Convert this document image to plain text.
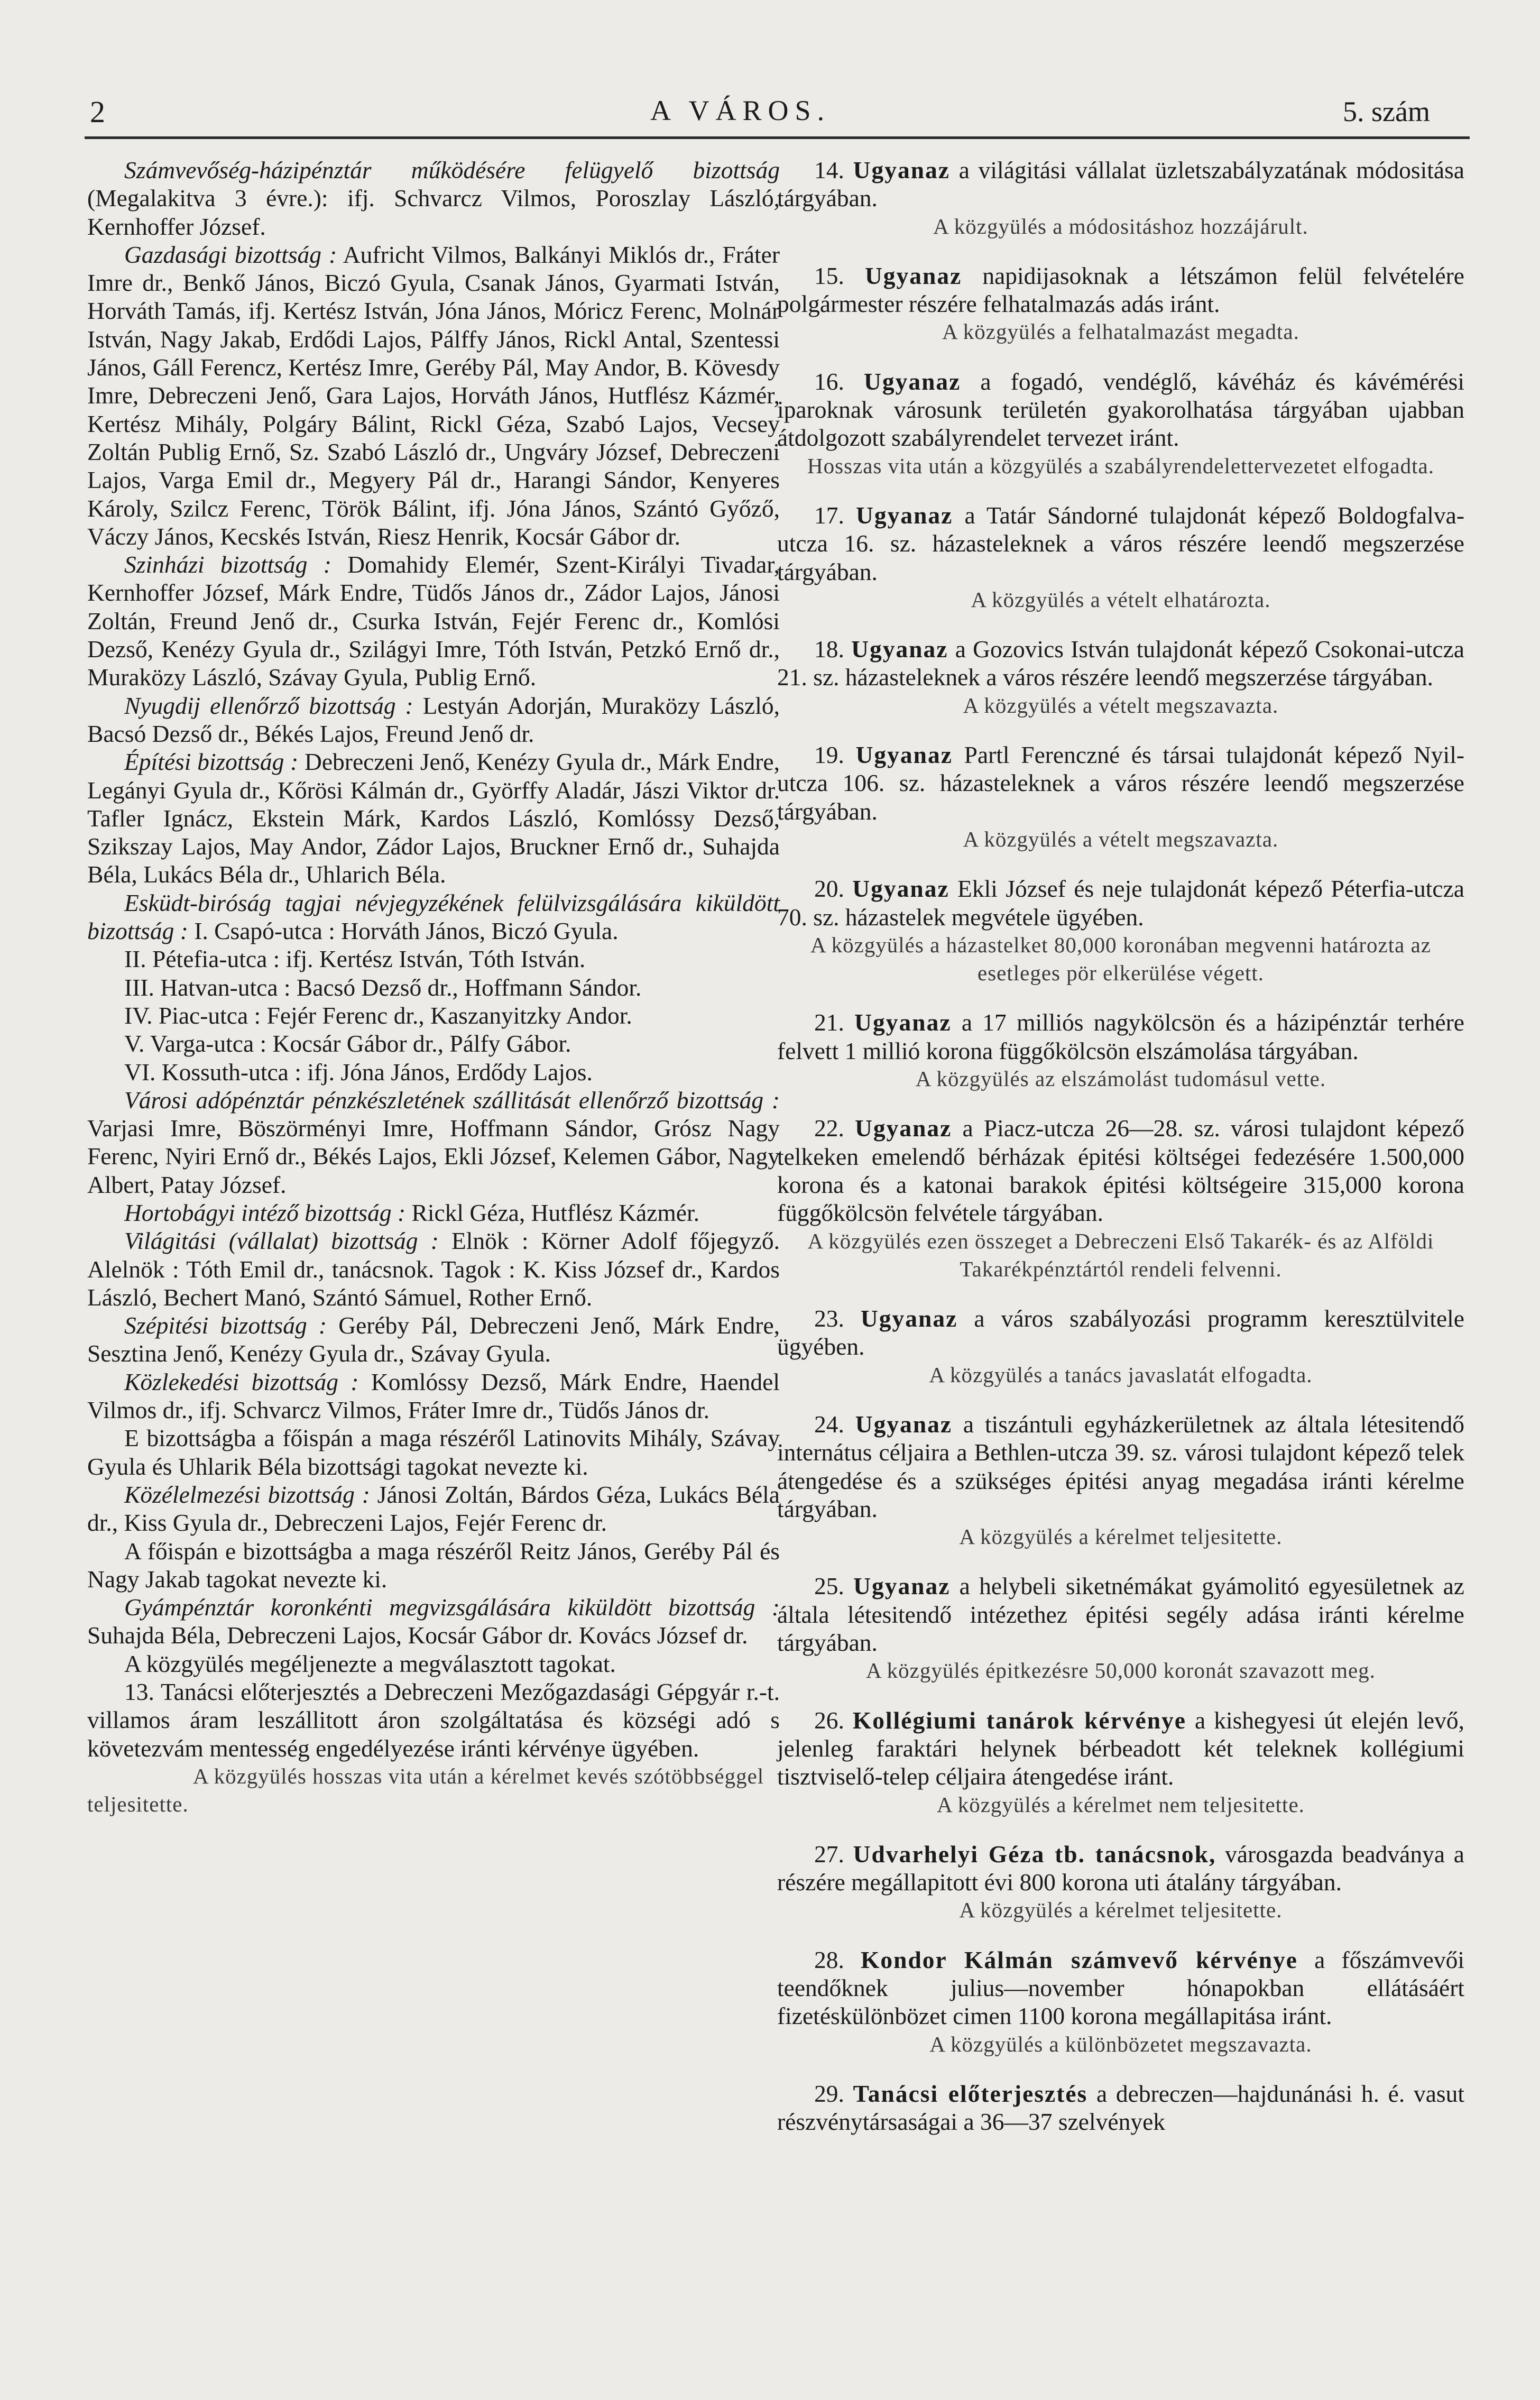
2	A VÁROS.	5. szám

Számvevőség-házipénztár működésére felügyelő bizottság (Megalakitva 3 évre.): ifj. Schvarcz Vilmos, Poroszlay László, Kernhoffer József.

Gazdasági bizottság : Aufricht Vilmos, Balkányi Miklós dr., Fráter Imre dr., Benkő János, Biczó Gyula, Csanak János, Gyarmati István, Horváth Tamás, ifj. Kertész István, Jóna János, Móricz Ferenc, Molnár István, Nagy Jakab, Erdődi Lajos, Pálffy János, Rickl Antal, Szentessi János, Gáll Ferencz, Kertész Imre, Geréby Pál, May Andor, B. Kövesdy Imre, Debreczeni Jenő, Gara Lajos, Horváth János, Hutflész Kázmér, Kertész Mihály, Polgáry Bálint, Rickl Géza, Szabó Lajos, Vecsey Zoltán Publig Ernő, Sz. Szabó László dr., Ungváry József, Debreczeni Lajos, Varga Emil dr., Megyery Pál dr., Harangi Sándor, Kenyeres Károly, Szilcz Ferenc, Török Bálint, ifj. Jóna János, Szántó Győző, Váczy János, Kecskés István, Riesz Henrik, Kocsár Gábor dr.

Szinházi bizottság : Domahidy Elemér, Szent-Királyi Tivadar, Kernhoffer József, Márk Endre, Tüdős János dr., Zádor Lajos, Jánosi Zoltán, Freund Jenő dr., Csurka István, Fejér Ferenc dr., Komlósi Dezső, Kenézy Gyula dr., Szilágyi Imre, Tóth István, Petzkó Ernő dr., Muraközy László, Szávay Gyula, Publig Ernő.

Nyugdij ellenőrző bizottság : Lestyán Adorján, Muraközy László, Bacsó Dezső dr., Békés Lajos, Freund Jenő dr.

Építési bizottság : Debreczeni Jenő, Kenézy Gyula dr., Márk Endre, Legányi Gyula dr., Kőrösi Kálmán dr., Györffy Aladár, Jászi Viktor dr. Tafler Ignácz, Ekstein Márk, Kardos László, Komlóssy Dezső, Szikszay Lajos, May Andor, Zádor Lajos, Bruckner Ernő dr., Suhajda Béla, Lukács Béla dr., Uhlarich Béla.

Esküdt-biróság tagjai névjegyzékének felülvizsgálására kiküldött bizottság : I. Csapó-utca : Horváth János, Biczó Gyula.

II. Pétefia-utca : ifj. Kertész István, Tóth István.

III. Hatvan-utca : Bacsó Dezső dr., Hoffmann Sándor.

IV. Piac-utca : Fejér Ferenc dr., Kaszanyitzky Andor.

V. Varga-utca : Kocsár Gábor dr., Pálfy Gábor.

VI. Kossuth-utca : ifj. Jóna János, Erdődy Lajos.

Városi adópénztár pénzkészletének szállitását ellenőrző bizottság : Varjasi Imre, Böszörményi Imre, Hoffmann Sándor, Grósz Nagy Ferenc, Nyiri Ernő dr., Békés Lajos, Ekli József, Kelemen Gábor, Nagy Albert, Patay József.

Hortobágyi intéző bizottság : Rickl Géza, Hutflész Kázmér.

Világitási (vállalat) bizottság : Elnök : Körner Adolf főjegyző. Alelnök : Tóth Emil dr., tanácsnok. Tagok : K. Kiss József dr., Kardos László, Bechert Manó, Szántó Sámuel, Rother Ernő.

Szépitési bizottság : Geréby Pál, Debreczeni Jenő, Márk Endre, Sesztina Jenő, Kenézy Gyula dr., Szávay Gyula.

Közlekedési bizottság : Komlóssy Dezső, Márk Endre, Haendel Vilmos dr., ifj. Schvarcz Vilmos, Fráter Imre dr., Tüdős János dr.

E bizottságba a főispán a maga részéről Latinovits Mihály, Szávay Gyula és Uhlarik Béla bizottsági tagokat nevezte ki.

Közélelmezési bizottság : Jánosi Zoltán, Bárdos Géza, Lukács Béla dr., Kiss Gyula dr., Debreczeni Lajos, Fejér Ferenc dr.

A főispán e bizottságba a maga részéről Reitz János, Geréby Pál és Nagy Jakab tagokat nevezte ki.

Gyámpénztár koronkénti megvizsgálására kiküldött bizottság : Suhajda Béla, Debreczeni Lajos, Kocsár Gábor dr. Kovács József dr.

A közgyülés megéljenezte a megválasztott tagokat.

13. Tanácsi előterjesztés a Debreczeni Mezőgazdasági Gépgyár r.-t. villamos áram leszállitott áron szolgáltatása és községi adó s követezvám mentesség engedélyezése iránti kérvénye ügyében.

A közgyülés hosszas vita után a kérelmet kevés szótöbbséggel teljesitette.

14. Ugyanaz a világitási vállalat üzletszabályzatának módositása tárgyában.

A közgyülés a módositáshoz hozzájárult.

15. Ugyanaz napidijasoknak a létszámon felül felvételére polgármester részére felhatalmazás adás iránt.

A közgyülés a felhatalmazást megadta.

16. Ugyanaz a fogadó, vendéglő, kávéház és kávémérési iparoknak városunk területén gyakorolhatása tárgyában ujabban átdolgozott szabályrendelet tervezet iránt.

Hosszas vita után a közgyülés a szabályrendelettervezetet elfogadta.

17. Ugyanaz a Tatár Sándorné tulajdonát képező Boldogfalva-utcza 16. sz. házasteleknek a város részére leendő megszerzése tárgyában.

A közgyülés a vételt elhatározta.

18. Ugyanaz a Gozovics István tulajdonát képező Csokonai-utcza 21. sz. házasteleknek a város részére leendő megszerzése tárgyában.

A közgyülés a vételt megszavazta.

19. Ugyanaz Partl Ferenczné és társai tulajdonát képező Nyil-utcza 106. sz. házasteleknek a város részére leendő megszerzése tárgyában.

A közgyülés a vételt megszavazta.

20. Ugyanaz Ekli József és neje tulajdonát képező Péterfia-utcza 70. sz. házastelek megvétele ügyében.

A közgyülés a házastelket 80,000 koronában megvenni határozta az esetleges pör elkerülése végett.

21. Ugyanaz a 17 milliós nagykölcsön és a házipénztár terhére felvett 1 millió korona függőkölcsön elszámolása tárgyában.

A közgyülés az elszámolást tudomásul vette.

22. Ugyanaz a Piacz-utcza 26—28. sz. városi tulajdont képező telkeken emelendő bérházak épitési költségei fedezésére 1.500,000 korona és a katonai barakok épitési költségeire 315,000 korona függőkölcsön felvétele tárgyában.

A közgyülés ezen összeget a Debreczeni Első Takarék- és az Alföldi Takarékpénztártól rendeli felvenni.

23. Ugyanaz a város szabályozási programm keresztülvitele ügyében.

A közgyülés a tanács javaslatát elfogadta.

24. Ugyanaz a tiszántuli egyházkerületnek az általa létesitendő internátus céljaira a Bethlen-utcza 39. sz. városi tulajdont képező telek átengedése és a szükséges épitési anyag megadása iránti kérelme tárgyában.

A közgyülés a kérelmet teljesitette.

25. Ugyanaz a helybeli siketnémákat gyámolitó egyesületnek az általa létesitendő intézethez épitési segély adása iránti kérelme tárgyában.

A közgyülés épitkezésre 50,000 koronát szavazott meg.

26. Kollégiumi tanárok kérvénye a kishegyesi út elején levő, jelenleg faraktári helynek bérbeadott két teleknek kollégiumi tisztviselő-telep céljaira átengedése iránt.

A közgyülés a kérelmet nem teljesitette.

27. Udvarhelyi Géza tb. tanácsnok, városgazda beadványa a részére megállapitott évi 800 korona uti átalány tárgyában.

A közgyülés a kérelmet teljesitette.

28. Kondor Kálmán számvevő kérvénye a főszámvevői teendőknek julius—november hónapokban ellátásáért fizetéskülönbözet cimen 1100 korona megállapitása iránt.

A közgyülés a különbözetet megszavazta.

29. Tanácsi előterjesztés a debreczen—hajdunánási h. é. vasut részvénytársaságai a 36—37 szelvények
